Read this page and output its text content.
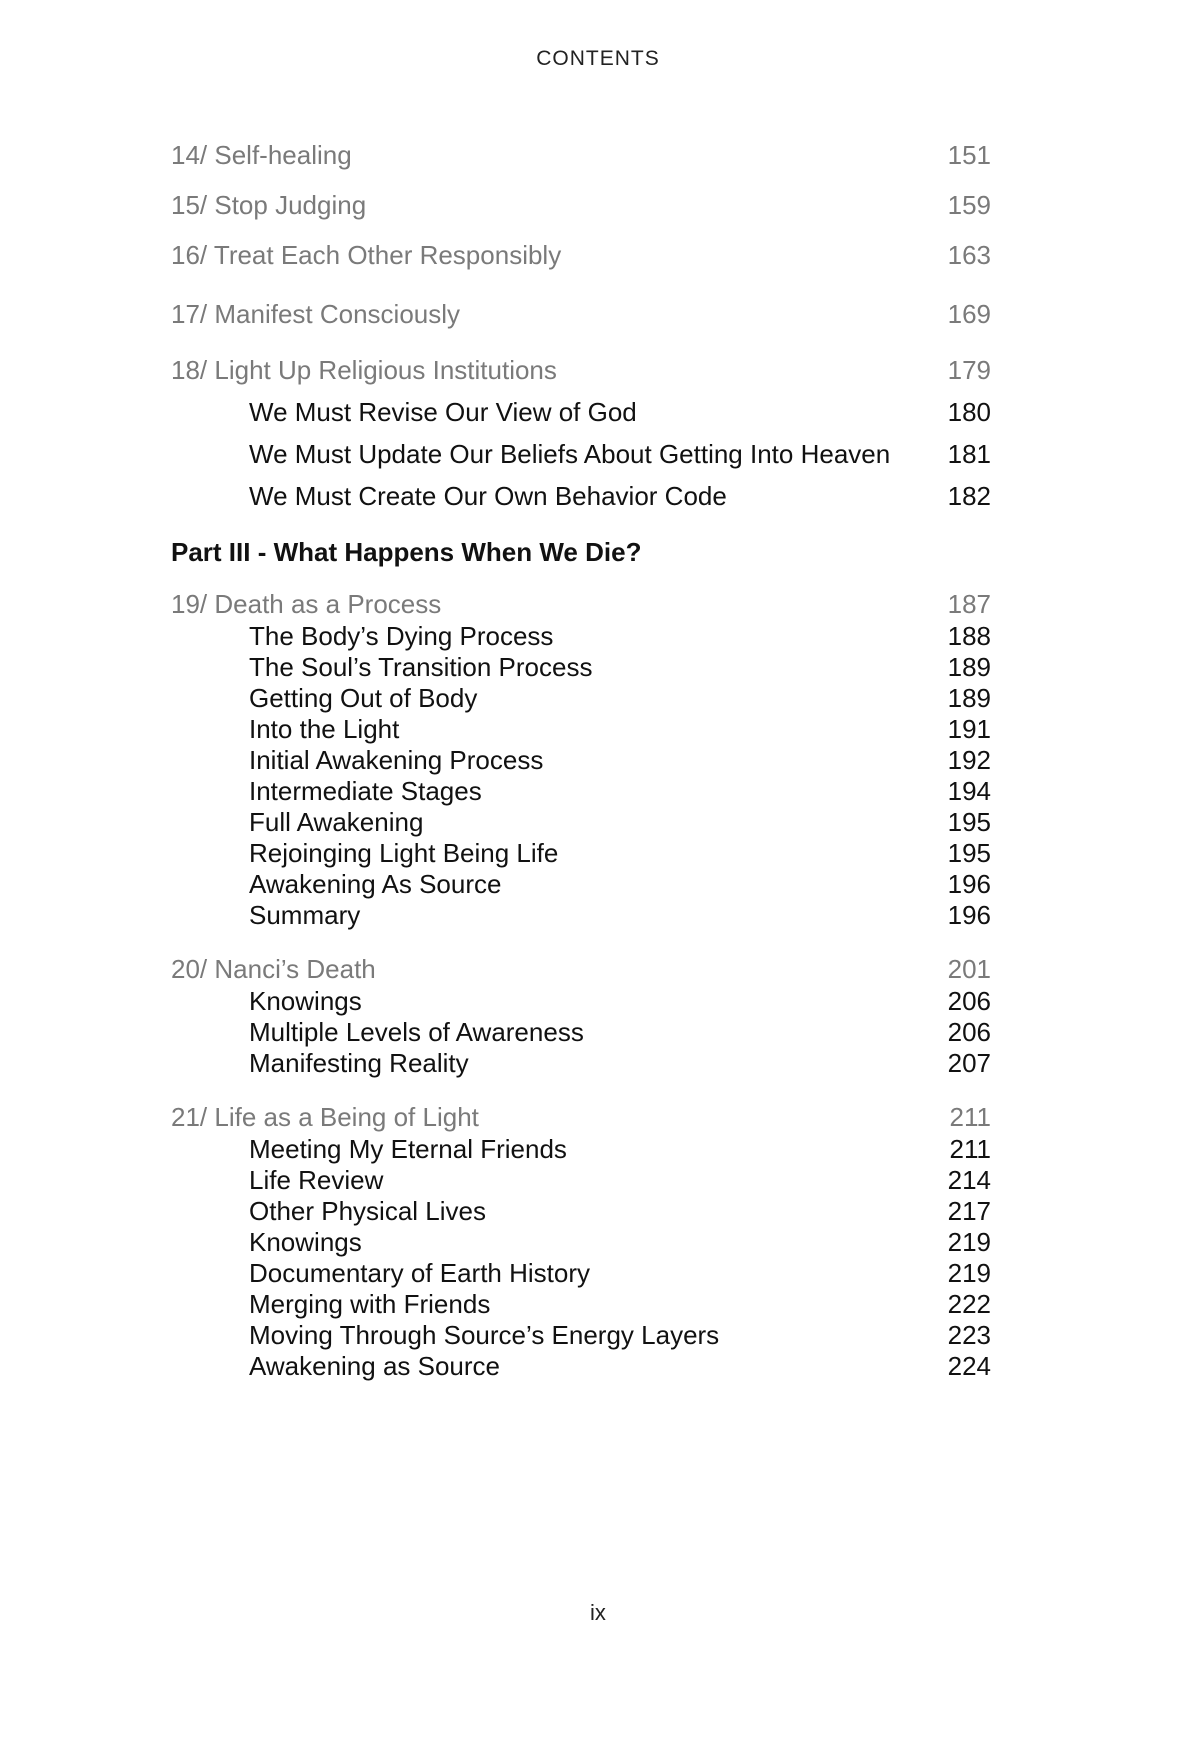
CONTENTS
14/ Self-healing	151
15/ Stop Judging	159
16/ Treat Each Other Responsibly	163
17/ Manifest Consciously	169
18/ Light Up Religious Institutions	179
We Must Revise Our View of God	180
We Must Update Our Beliefs About Getting Into Heaven 181
We Must Create Our Own Behavior Code	182
Part III - What Happens When We Die?
19/ Death as a Process	187
The Body’s Dying Process	188
The Soul’s Transition Process	189
Getting Out of Body	189
Into the Light	191
Initial Awakening Process	192
Intermediate Stages	194
Full Awakening	195
Rejoinging Light Being Life	195
Awakening As Source	196
Summary	196
20/ Nanci’s Death	201
Knowings	206
Multiple Levels of Awareness	206
Manifesting Reality	207
21/ Life as a Being of Light	211
Meeting My Eternal Friends	211
Life Review	214
Other Physical Lives	217
Knowings	219
Documentary of Earth History	219
Merging with Friends	222
Moving Through Source’s Energy Layers	223
Awakening as Source	224
ix
